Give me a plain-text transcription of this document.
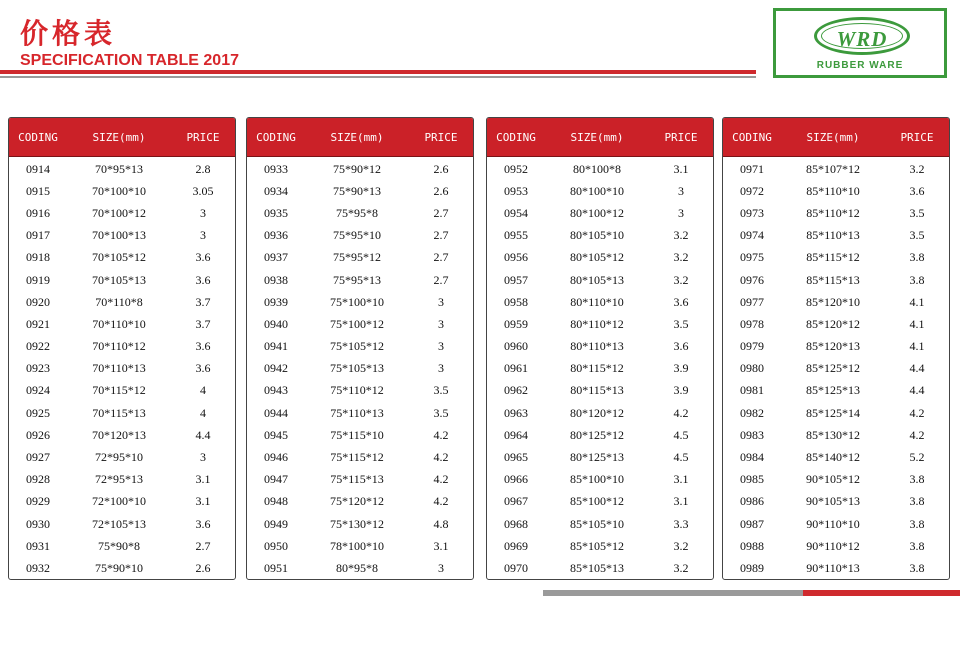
价格表
SPECIFICATION TABLE 2017
WRD
RUBBER WARE
CODING	SIZE(mm)	PRICE
0914	70*95*13	2.8
0915	70*100*10	3.05
0916	70*100*12	3
0917	70*100*13	3
0918	70*105*12	3.6
0919	70*105*13	3.6
0920	70*110*8	3.7
0921	70*110*10	3.7
0922	70*110*12	3.6
0923	70*110*13	3.6
0924	70*115*12	4
0925	70*115*13	4
0926	70*120*13	4.4
0927	72*95*10	3
0928	72*95*13	3.1
0929	72*100*10	3.1
0930	72*105*13	3.6
0931	75*90*8	2.7
0932	75*90*10	2.6
CODING	SIZE(mm)	PRICE
0933	75*90*12	2.6
0934	75*90*13	2.6
0935	75*95*8	2.7
0936	75*95*10	2.7
0937	75*95*12	2.7
0938	75*95*13	2.7
0939	75*100*10	3
0940	75*100*12	3
0941	75*105*12	3
0942	75*105*13	3
0943	75*110*12	3.5
0944	75*110*13	3.5
0945	75*115*10	4.2
0946	75*115*12	4.2
0947	75*115*13	4.2
0948	75*120*12	4.2
0949	75*130*12	4.8
0950	78*100*10	3.1
0951	80*95*8	3
CODING	SIZE(mm)	PRICE
0952	80*100*8	3.1
0953	80*100*10	3
0954	80*100*12	3
0955	80*105*10	3.2
0956	80*105*12	3.2
0957	80*105*13	3.2
0958	80*110*10	3.6
0959	80*110*12	3.5
0960	80*110*13	3.6
0961	80*115*12	3.9
0962	80*115*13	3.9
0963	80*120*12	4.2
0964	80*125*12	4.5
0965	80*125*13	4.5
0966	85*100*10	3.1
0967	85*100*12	3.1
0968	85*105*10	3.3
0969	85*105*12	3.2
0970	85*105*13	3.2
CODING	SIZE(mm)	PRICE
0971	85*107*12	3.2
0972	85*110*10	3.6
0973	85*110*12	3.5
0974	85*110*13	3.5
0975	85*115*12	3.8
0976	85*115*13	3.8
0977	85*120*10	4.1
0978	85*120*12	4.1
0979	85*120*13	4.1
0980	85*125*12	4.4
0981	85*125*13	4.4
0982	85*125*14	4.2
0983	85*130*12	4.2
0984	85*140*12	5.2
0985	90*105*12	3.8
0986	90*105*13	3.8
0987	90*110*10	3.8
0988	90*110*12	3.8
0989	90*110*13	3.8
